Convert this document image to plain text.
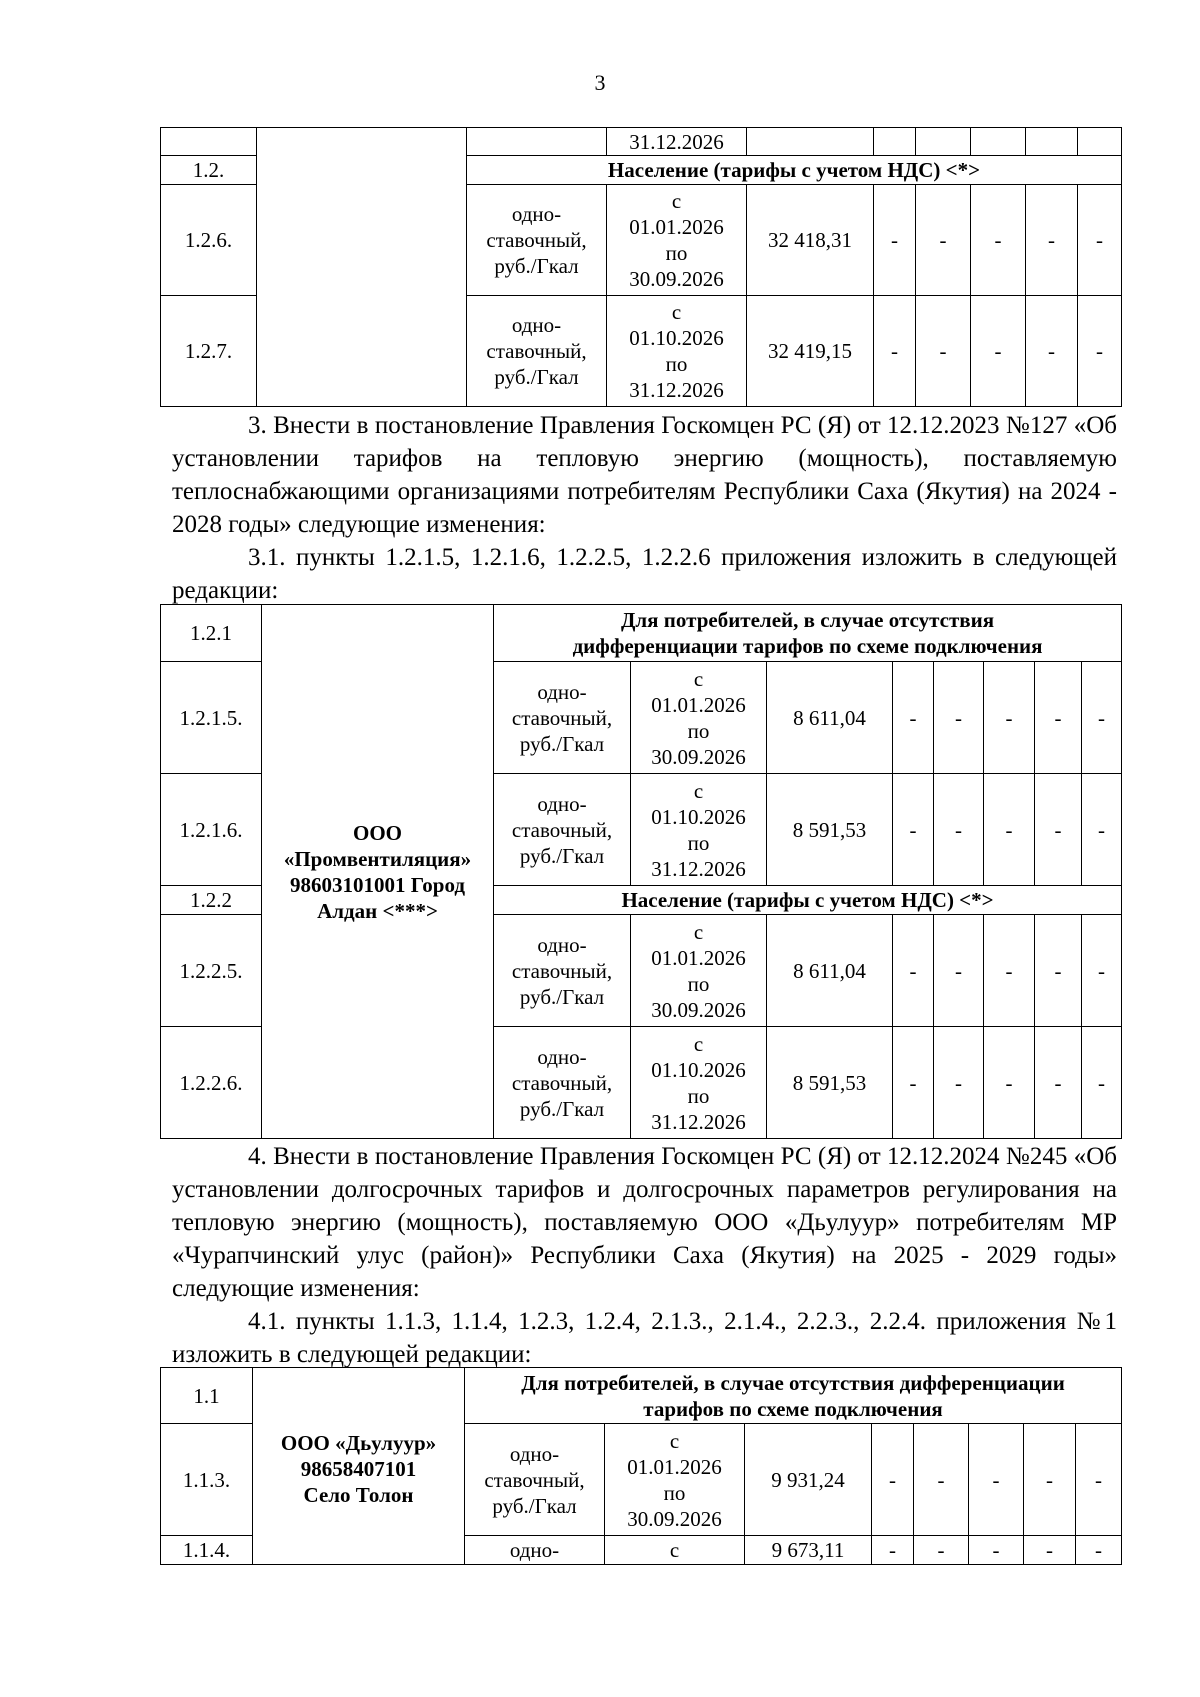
3
			31.12.2026						
1.2.		Население (тарифы с учетом НДС) <*>							
1.2.6.		одно-
ставочный,
руб./Гкал	с
01.01.2026
по
30.09.2026	32 418,31	-	-	-	-	-
1.2.7.		одно-
ставочный,
руб./Гкал	с
01.10.2026
по
31.12.2026	32 419,15	-	-	-	-	-

3. Внести в постановление Правления Госкомцен РС (Я) от 12.12.2023 №127 «Об установлении тарифов на тепловую энергию (мощность), поставляемую теплоснабжающими организациями потребителям Республики Саха (Якутия) на 2024 - 2028 годы» следующие изменения:

3.1. пункты 1.2.1.5, 1.2.1.6, 1.2.2.5, 1.2.2.6 приложения изложить в следующей редакции:

1.2.1	ООО
«Промвентиляция»
98603101001 Город
Алдан <***>	Для потребителей, в случае отсутствия
дифференциации тарифов по схеме подключения							
1.2.1.5.		одно-
ставочный,
руб./Гкал	с
01.01.2026
по
30.09.2026	8 611,04	-	-	-	-	-
1.2.1.6.		одно-
ставочный,
руб./Гкал	с
01.10.2026
по
31.12.2026	8 591,53	-	-	-	-	-
1.2.2		Население (тарифы с учетом НДС) <*>							
1.2.2.5.		одно-
ставочный,
руб./Гкал	с
01.01.2026
по
30.09.2026	8 611,04	-	-	-	-	-
1.2.2.6.		одно-
ставочный,
руб./Гкал	с
01.10.2026
по
31.12.2026	8 591,53	-	-	-	-	-

4. Внести в постановление Правления Госкомцен РС (Я) от 12.12.2024 №245 «Об установлении долгосрочных тарифов и долгосрочных параметров регулирования на тепловую энергию (мощность), поставляемую ООО «Дьулуур» потребителям МР «Чурапчинский улус (район)» Республики Саха (Якутия) на 2025 - 2029 годы» следующие изменения:

4.1. пункты 1.1.3, 1.1.4, 1.2.3, 1.2.4, 2.1.3., 2.1.4., 2.2.3., 2.2.4. приложения №1 изложить в следующей редакции:

1.1	ООО «Дьулуур»
98658407101
Село Толон	Для потребителей, в случае отсутствия дифференциации
тарифов по схеме подключения							
1.1.3.		одно-
ставочный,
руб./Гкал	с
01.01.2026
по
30.09.2026	9 931,24	-	-	-	-	-
1.1.4.		одно-	с	9 673,11	-	-	-	-	-
